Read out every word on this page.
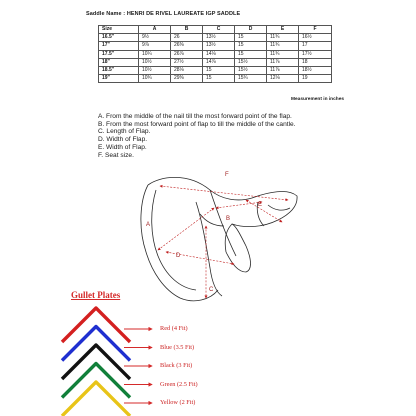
Saddle Name : HENRI DE RIVEL LAUREATE IGP SADDLE
Size	A	B	C	D	E	F
16.5"	9½	26	13½	15	11¾	16½
17"	9⅞	26⅜	13½	15	11¾	17
17.5"	10¼	26⅞	14⅛	15	11¾	17½
18"	10½	27½	14⅞	15½	11⅞	18
18.5"	10½	28⅛	15	15½	11⅞	18½
19"	10¾	29⅜	15	15¾	12⅛	19
Measurement in inches
A. From the middle of the nail till the most forward point of the flap.
B. From the most forward point of flap to till the middle of the cantle.
C. Length of Flap.
D. Width of Flap.
E. Width of Flap.
F. Seat size.
F
A
B
C
D
E
Gullet Plates
Red (4 Fit)
Blue (3.5 Fit)
Black (3 Fit)
Green (2.5 Fit)
Yellow (2 Fit)
